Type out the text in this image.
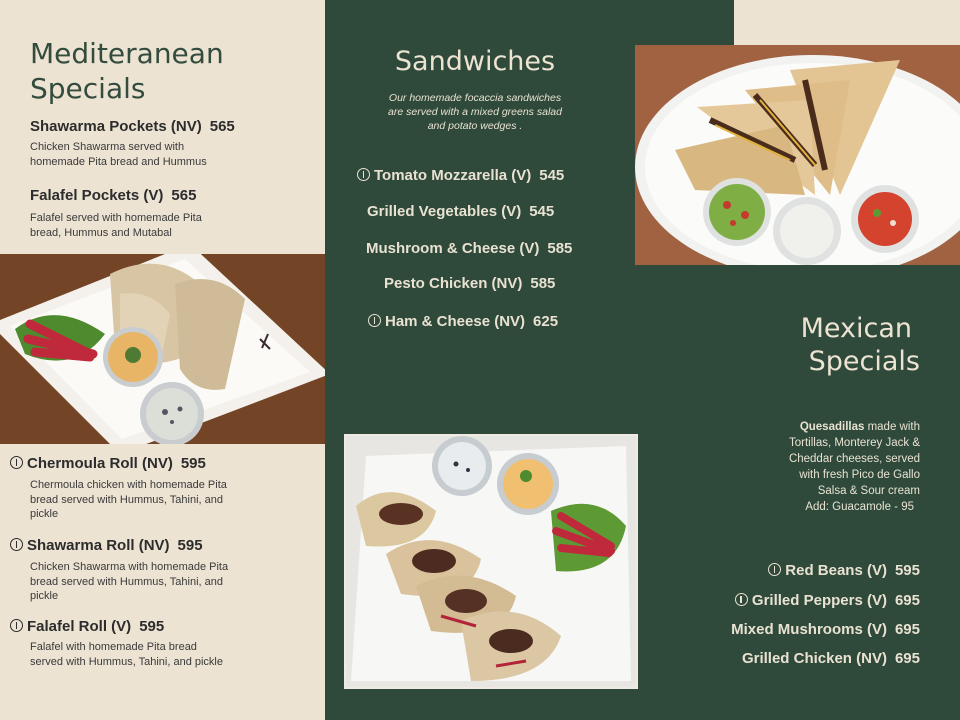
Mediteranean
Specials
Shawarma Pockets (NV) 565
Chicken Shawarma served with
homemade Pita bread and Hummus
Falafel Pockets (V) 565
Falafel served with homemade Pita
bread, Hummus and Mutabal
Chermoula Roll (NV) 595
Chermoula chicken with homemade Pita
bread served with Hummus, Tahini, and
pickle
Shawarma Roll (NV) 595
Chicken Shawarma with homemade Pita
bread served with Hummus, Tahini, and
pickle
Falafel Roll (V) 595
Falafel with homemade Pita bread
served with Hummus, Tahini, and pickle
Sandwiches
Our homemade focaccia sandwiches
are served with a mixed greens salad
and potato wedges .
Tomato Mozzarella (V) 545
Grilled Vegetables (V) 545
Mushroom & Cheese (V) 585
Pesto Chicken (NV) 585
Ham & Cheese (NV) 625	Mexican
Specials
Quesadillas made with
Tortillas, Monterey Jack &
Cheddar cheeses, served
with fresh Pico de Gallo
Salsa & Sour cream
Add: Guacamole - 95
Red Beans (V) 595
Grilled Peppers (V) 695
Mixed Mushrooms (V) 695
Grilled Chicken (NV) 695
